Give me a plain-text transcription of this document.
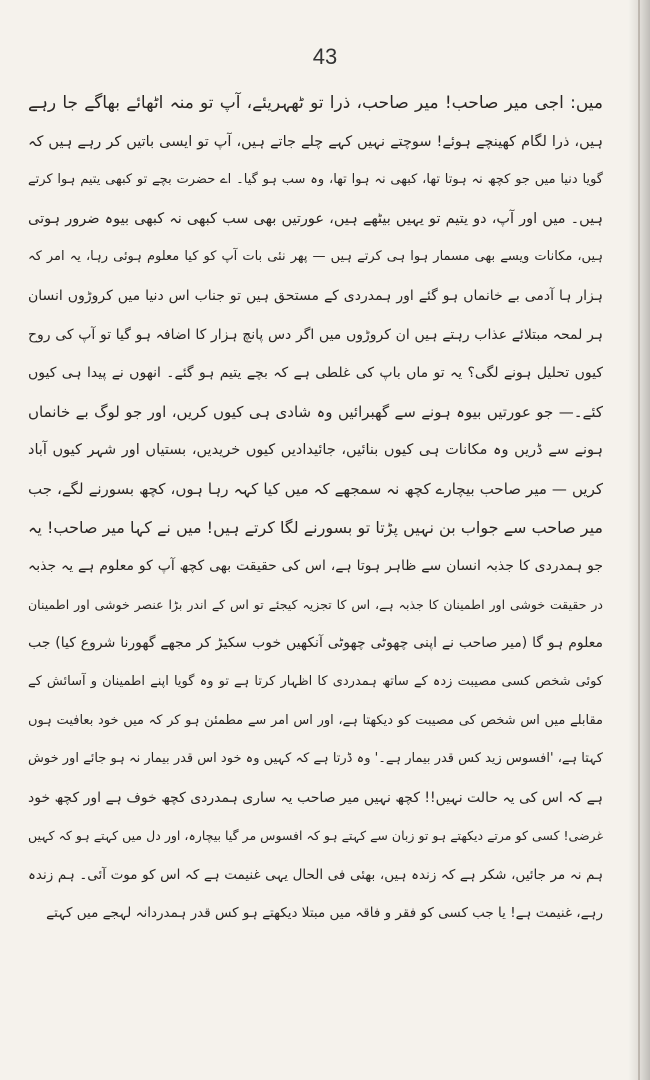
43
میں: اجی میر صاحب! میر صاحب، ذرا تو ٹھہریئے، آپ تو منہ اٹھائے بھاگے جا رہے
ہیں، ذرا لگام کھینچے ہوئے! سوچتے نہیں کہے چلے جاتے ہیں، آپ تو ایسی باتیں کر رہے ہیں کہ
گویا دنیا میں جو کچھ نہ ہوتا تھا، کبھی نہ ہوا تھا، وہ سب ہو گیا۔ اے حضرت بچے تو کبھی یتیم ہوا کرتے
ہیں۔ میں اور آپ، دو یتیم تو یہیں بیٹھے ہیں، عورتیں بھی سب کبھی نہ کبھی بیوہ ضرور ہوتی
ہیں، مکانات ویسے بھی مسمار ہوا ہی کرتے ہیں — پھر نئی بات آپ کو کیا معلوم ہوئی رہا، یہ امر کہ
ہزار ہا آدمی بے خانماں ہو گئے اور ہمدردی کے مستحق ہیں تو جناب اس دنیا میں کروڑوں انسان
ہر لمحہ مبتلائے عذاب رہتے ہیں ان کروڑوں میں اگر دس پانچ ہزار کا اضافہ ہو گیا تو آپ کی روح
کیوں تحلیل ہونے لگی؟ یہ تو ماں باپ کی غلطی ہے کہ بچے یتیم ہو گئے۔ انھوں نے پیدا ہی کیوں
کئے۔— جو عورتیں بیوہ ہونے سے گھبرائیں وہ شادی ہی کیوں کریں، اور جو لوگ بے خانماں
ہونے سے ڈریں وہ مکانات ہی کیوں بنائیں، جائیدادیں کیوں خریدیں، بستیاں اور شہر کیوں آباد
کریں — میر صاحب بیچارے کچھ نہ سمجھے کہ میں کیا کہہ رہا ہوں، کچھ بسورنے لگے، جب
میر صاحب سے جواب بن نہیں پڑتا تو بسورنے لگا کرتے ہیں! میں نے کہا میر صاحب! یہ
جو ہمدردی کا جذبہ انسان سے ظاہر ہوتا ہے، اس کی حقیقت بھی کچھ آپ کو معلوم ہے یہ جذبہ
در حقیقت خوشی اور اطمینان کا جذبہ ہے، اس کا تجزیہ کیجئے تو اس کے اندر بڑا عنصر خوشی اور اطمینان
معلوم ہو گا (میر صاحب نے اپنی چھوٹی چھوٹی آنکھیں خوب سکیڑ کر مجھے گھورنا شروع کیا) جب
کوئی شخص کسی مصیبت زدہ کے ساتھ ہمدردی کا اظہار کرتا ہے تو وہ گویا اپنے اطمینان و آسائش کے
مقابلے میں اس شخص کی مصیبت کو دیکھتا ہے، اور اس امر سے مطمئن ہو کر کہ میں خود بعافیت ہوں
کہتا ہے، 'افسوس زید کس قدر بیمار ہے۔' وہ ڈرتا ہے کہ کہیں وہ خود اس قدر بیمار نہ ہو جائے اور خوش
ہے کہ اس کی یہ حالت نہیں!! کچھ نہیں میر صاحب یہ ساری ہمدردی کچھ خوف ہے اور کچھ خود
غرضی! کسی کو مرتے دیکھتے ہو تو زبان سے کہتے ہو کہ افسوس مر گیا بیچارہ، اور دل میں کہتے ہو کہ کہیں
ہم نہ مر جائیں، شکر ہے کہ زندہ ہیں، بھئی فی الحال یہی غنیمت ہے کہ اس کو موت آئی۔ ہم زندہ
رہے، غنیمت ہے! یا جب کسی کو فقر و فاقہ میں مبتلا دیکھتے ہو کس قدر ہمدردانہ لہجے میں کہتے
